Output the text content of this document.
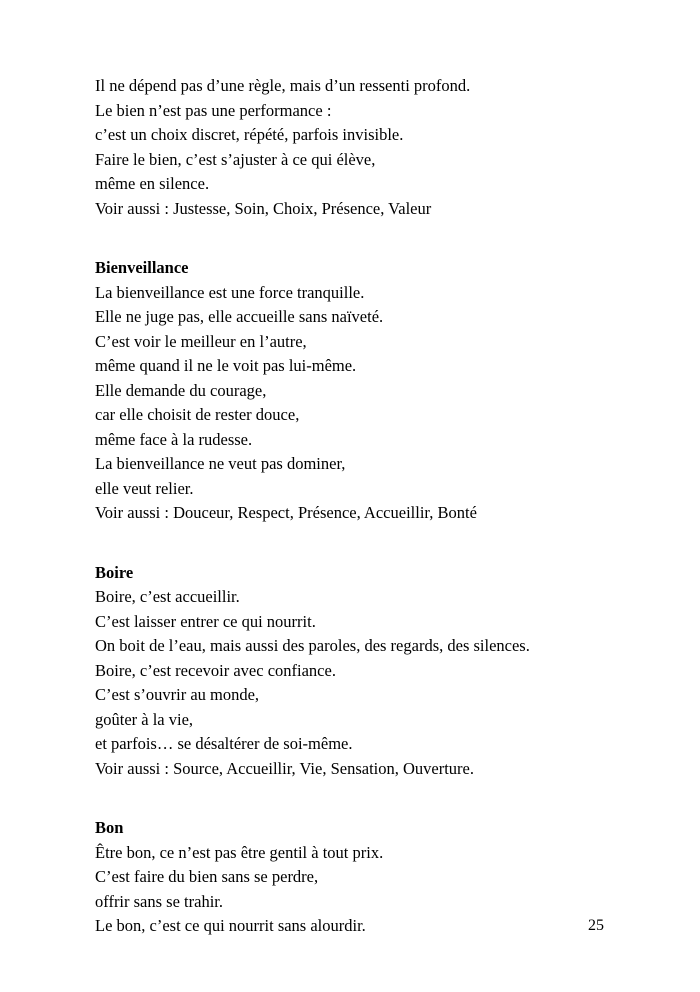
Il ne dépend pas d’une règle, mais d’un ressenti profond.
Le bien n’est pas une performance :
c’est un choix discret, répété, parfois invisible.
Faire le bien, c’est s’ajuster à ce qui élève,
même en silence.
Voir aussi : Justesse, Soin, Choix, Présence, Valeur
Bienveillance
La bienveillance est une force tranquille.
Elle ne juge pas, elle accueille sans naïveté.
C’est voir le meilleur en l’autre,
même quand il ne le voit pas lui-même.
Elle demande du courage,
car elle choisit de rester douce,
même face à la rudesse.
La bienveillance ne veut pas dominer,
elle veut relier.
Voir aussi : Douceur, Respect, Présence, Accueillir, Bonté
Boire
Boire, c’est accueillir.
C’est laisser entrer ce qui nourrit.
On boit de l’eau, mais aussi des paroles, des regards, des silences.
Boire, c’est recevoir avec confiance.
C’est s’ouvrir au monde,
goûter à la vie,
et parfois… se désaltérer de soi-même.
Voir aussi : Source, Accueillir, Vie, Sensation, Ouverture.
Bon
Être bon, ce n’est pas être gentil à tout prix.
C’est faire du bien sans se perdre,
offrir sans se trahir.
Le bon, c’est ce qui nourrit sans alourdir.	25
